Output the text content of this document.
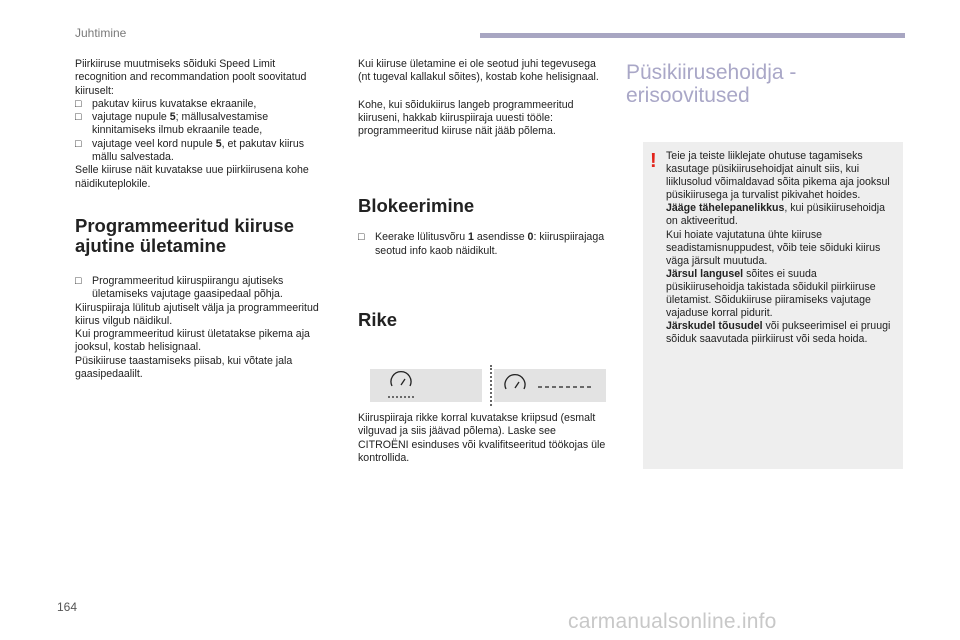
Juhtimine

Piirkiiruse muutmiseks sõiduki Speed Limit recognition and recommandation poolt soovitatud kiiruselt:

□ pakutav kiirus kuvatakse ekraanile,
□ vajutage nupule 5; mällusalvestamise kinnitamiseks ilmub ekraanile teade,
□ vajutage veel kord nupule 5, et pakutav kiirus mällu salvestada.

Selle kiiruse näit kuvatakse uue piirkiirusena kohe näidikuteplokile.

Programmeeritud kiiruse ajutine ületamine
□ Programmeeritud kiiruspiirangu ajutiseks ületamiseks vajutage gaasipedaal põhja.

Kiiruspiiraja lülitub ajutiselt välja ja programmeeritud kiirus vilgub näidikul.

Kui programmeeritud kiirust ületatakse pikema aja jooksul, kostab helisignaal.

Püsikiiruse taastamiseks piisab, kui võtate jala gaasipedaalilt.

Kui kiiruse ületamine ei ole seotud juhi tegevusega (nt tugeval kallakul sõites), kostab kohe helisignaal.

Kohe, kui sõidukiirus langeb programmeeritud kiiruseni, hakkab kiiruspiiraja uuesti tööle: programmeeritud kiiruse näit jääb põlema.

Blokeerimine
□ Keerake lülitusvõru 1 asendisse 0: kiiruspiirajaga seotud info kaob näidikult.
Rike

Kiiruspiiraja rikke korral kuvatakse kriipsud (esmalt vilguvad ja siis jäävad põlema). Laske see CITROËNI esinduses või kvalifitseeritud töökojas üle kontrollida.

Püsikiirusehoidja -
erisoovitused
! Teie ja teiste liiklejate ohutuse tagamiseks kasutage püsikiirusehoidjat ainult siis, kui liiklusolud võimaldavad sõita pikema aja jooksul püsikiirusega ja turvalist pikivahet hoides.

Jääge tähelepanelikkus, kui püsikiirusehoidja on aktiveeritud.

Kui hoiate vajutatuna ühte kiiruse seadistamisnuppudest, võib teie sõiduki kiirus väga järsult muutuda.

Järsul langusel sõites ei suuda püsikiirusehoidja takistada sõidukil piirkiiruse ületamist. Sõidukiiruse piiramiseks vajutage vajaduse korral pidurit.

Järskudel tõusudel või pukseerimisel ei pruugi sõiduk saavutada piirkiirust või seda hoida.

164
carmanualsonline.info
